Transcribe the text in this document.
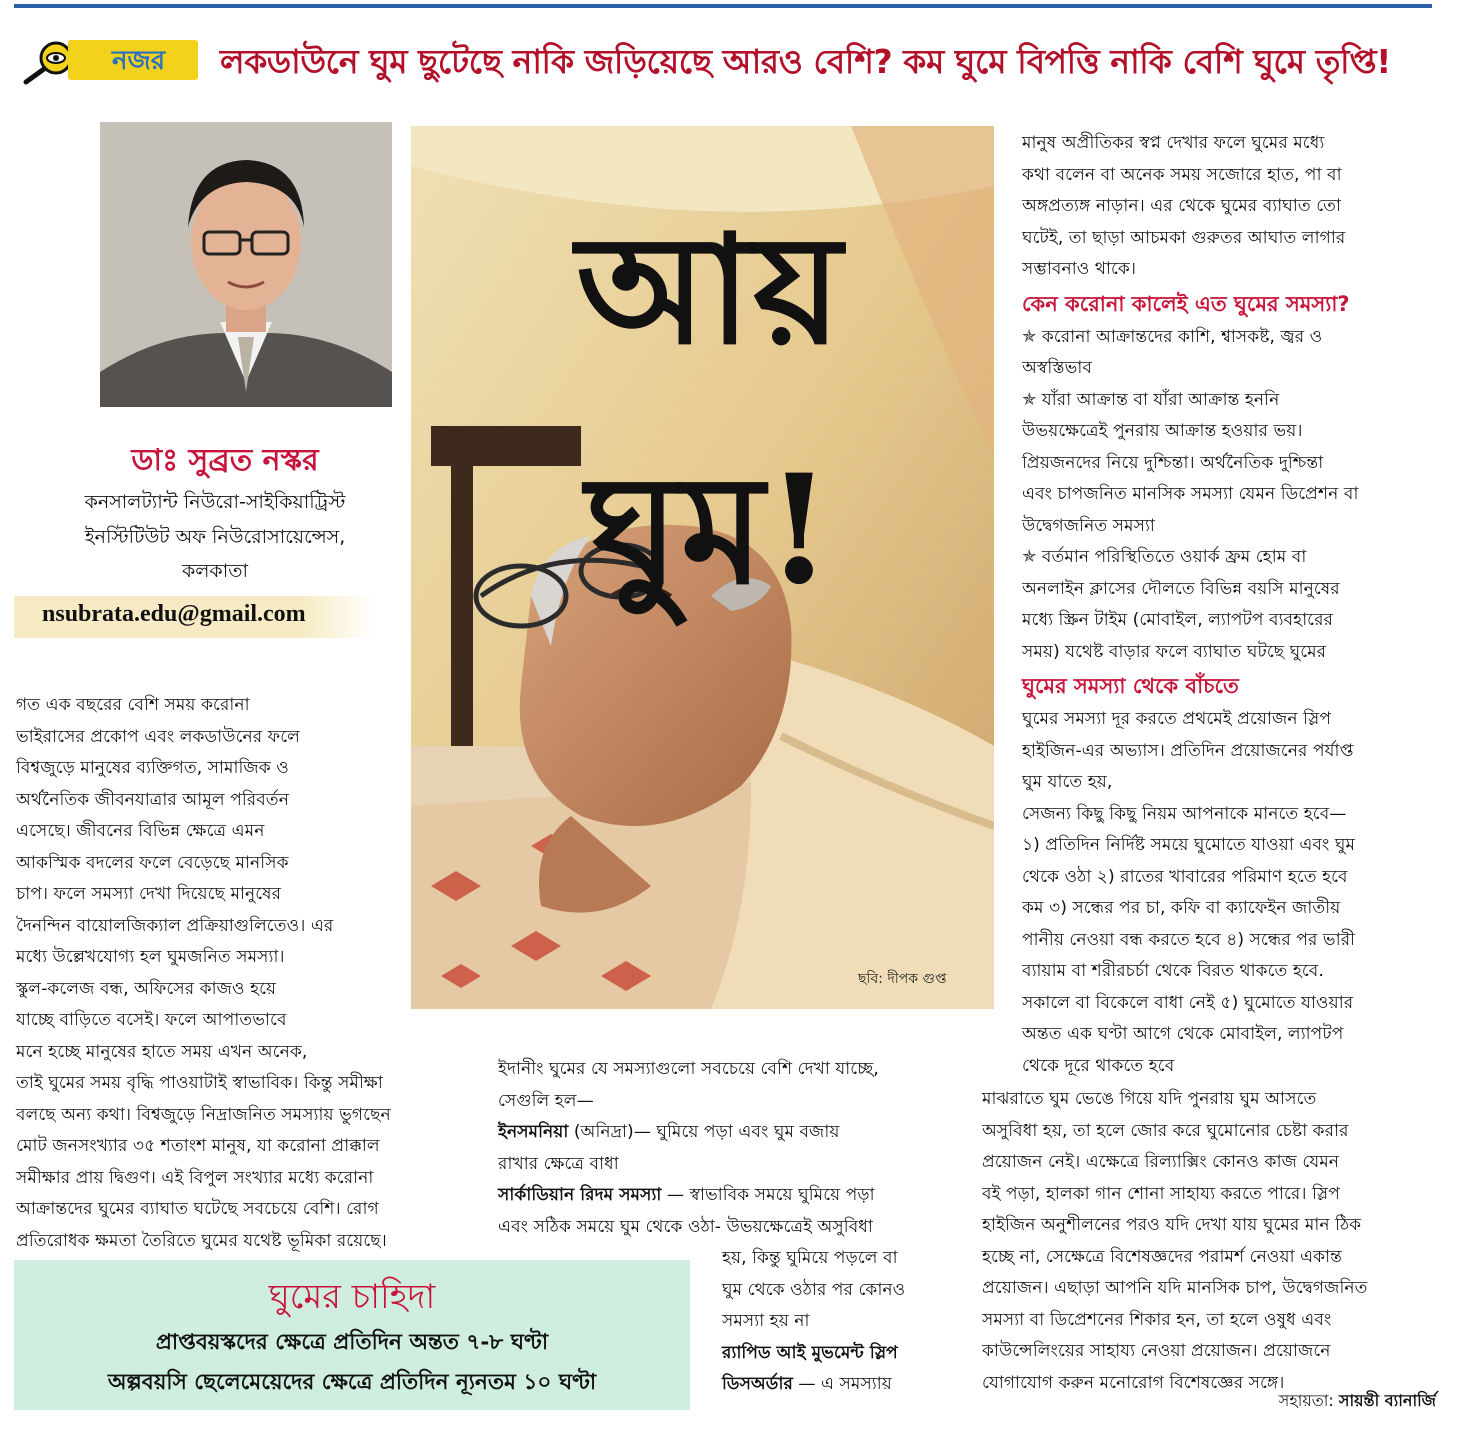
নজর লকডাউনে ঘুম ছুটেছে নাকি জড়িয়েছে আরও বেশি? কম ঘুমে বিপত্তি নাকি বেশি ঘুমে তৃপ্তি!
ডাঃ সুব্রত নস্কর
কনসালট্যান্ট নিউরো-সাইকিয়াট্রিস্ট
ইনস্টিটিউট অফ নিউরোসায়েন্সেস,
কলকাতা
nsubrata.edu@gmail.com

গত এক বছরের বেশি সময় করোনা

ভাইরাসের প্রকোপ এবং লকডাউনের ফলে

বিশ্বজুড়ে মানুষের ব্যক্তিগত, সামাজিক ও

অর্থনৈতিক জীবনযাত্রার আমূল পরিবর্তন

এসেছে। জীবনের বিভিন্ন ক্ষেত্রে এমন

আকস্মিক বদলের ফলে বেড়েছে মানসিক

চাপ। ফলে সমস্যা দেখা দিয়েছে মানুষের

দৈনন্দিন বায়োলজিক্যাল প্রক্রিয়াগুলিতেও। এর

মধ্যে উল্লেখযোগ্য হল ঘুমজনিত সমস্যা।

স্কুল-কলেজ বন্ধ, অফিসের কাজও হয়ে

যাচ্ছে বাড়িতে বসেই। ফলে আপাতভাবে

মনে হচ্ছে মানুষের হাতে সময় এখন অনেক,

তাই ঘুমের সময় বৃদ্ধি পাওয়াটাই স্বাভাবিক। কিন্তু সমীক্ষা

বলছে অন্য কথা। বিশ্বজুড়ে নিদ্রাজনিত সমস্যায় ভুগছেন

মোট জনসংখ্যার ৩৫ শতাংশ মানুষ, যা করোনা প্রাক্কাল

সমীক্ষার প্রায় দ্বিগুণ। এই বিপুল সংখ্যার মধ্যে করোনা

আক্রান্তদের ঘুমের ব্যাঘাত ঘটেছে সবচেয়ে বেশি। রোগ

প্রতিরোধক ক্ষমতা তৈরিতে ঘুমের যথেষ্ট ভূমিকা রয়েছে।

আয় ঘুম!
ছবি: দীপক গুপ্ত

ইদানীং ঘুমের যে সমস্যাগুলো সবচেয়ে বেশি দেখা যাচ্ছে,

সেগুলি হল—

ইনসমনিয়া (অনিদ্রা)— ঘুমিয়ে পড়া এবং ঘুম বজায়

রাখার ক্ষেত্রে বাধা

সার্কাডিয়ান রিদম সমস্যা — স্বাভাবিক সময়ে ঘুমিয়ে পড়া

এবং সঠিক সময়ে ঘুম থেকে ওঠা- উভয়ক্ষেত্রেই অসুবিধা

হয়, কিন্তু ঘুমিয়ে পড়লে বা

ঘুম থেকে ওঠার পর কোনও

সমস্যা হয় না

র‍্যাপিড আই মুভমেন্ট স্লিপ

ডিসঅর্ডার — এ সমস্যায়

মানুষ অপ্রীতিকর স্বপ্ন দেখার ফলে ঘুমের মধ্যে

কথা বলেন বা অনেক সময় সজোরে হাত, পা বা

অঙ্গপ্রত্যঙ্গ নাড়ান। এর থেকে ঘুমের ব্যাঘাত তো

ঘটেই, তা ছাড়া আচমকা গুরুতর আঘাত লাগার

সম্ভাবনাও থাকে।

কেন করোনা কালেই এত ঘুমের সমস্যা?

✯ করোনা আক্রান্তদের কাশি, শ্বাসকষ্ট, জ্বর ও

অস্বস্তিভাব

✯ যাঁরা আক্রান্ত বা যাঁরা আক্রান্ত হননি

উভয়ক্ষেত্রেই পুনরায় আক্রান্ত হওয়ার ভয়।

প্রিয়জনদের নিয়ে দুশ্চিন্তা। অর্থনৈতিক দুশ্চিন্তা

এবং চাপজনিত মানসিক সমস্যা যেমন ডিপ্রেশন বা

উদ্বেগজনিত সমস্যা

✯ বর্তমান পরিস্থিতিতে ওয়ার্ক ফ্রম হোম বা

অনলাইন ক্লাসের দৌলতে বিভিন্ন বয়সি মানুষের

মধ্যে স্ক্রিন টাইম (মোবাইল, ল্যাপটপ ব্যবহারের

সময়) যথেষ্ট বাড়ার ফলে ব্যাঘাত ঘটছে ঘুমের

ঘুমের সমস্যা থেকে বাঁচতে

ঘুমের সমস্যা দূর করতে প্রথমেই প্রয়োজন স্লিপ

হাইজিন-এর অভ্যাস। প্রতিদিন প্রয়োজনের পর্যাপ্ত

ঘুম যাতে হয়,

সেজন্য কিছু কিছু নিয়ম আপনাকে মানতে হবে—

১) প্রতিদিন নির্দিষ্ট সময়ে ঘুমোতে যাওয়া এবং ঘুম

থেকে ওঠা ২) রাতের খাবারের পরিমাণ হতে হবে

কম ৩) সন্ধের পর চা, কফি বা ক্যাফেইন জাতীয়

পানীয় নেওয়া বন্ধ করতে হবে ৪) সন্ধের পর ভারী

ব্যায়াম বা শরীরচর্চা থেকে বিরত থাকতে হবে.

সকালে বা বিকেলে বাধা নেই ৫) ঘুমোতে যাওয়ার

অন্তত এক ঘণ্টা আগে থেকে মোবাইল, ল্যাপটপ

থেকে দূরে থাকতে হবে

মাঝরাতে ঘুম ভেঙে গিয়ে যদি পুনরায় ঘুম আসতে

অসুবিধা হয়, তা হলে জোর করে ঘুমোনোর চেষ্টা করার

প্রয়োজন নেই। এক্ষেত্রে রিল্যাক্সিং কোনও কাজ যেমন

বই পড়া, হালকা গান শোনা সাহায্য করতে পারে। স্লিপ

হাইজিন অনুশীলনের পরও যদি দেখা যায় ঘুমের মান ঠিক

হচ্ছে না, সেক্ষেত্রে বিশেষজ্ঞদের পরামর্শ নেওয়া একান্ত

প্রয়োজন। এছাড়া আপনি যদি মানসিক চাপ, উদ্বেগজনিত

সমস্যা বা ডিপ্রেশনের শিকার হন, তা হলে ওষুধ এবং

কাউন্সেলিংয়ের সাহায্য নেওয়া প্রয়োজন। প্রয়োজনে

যোগাযোগ করুন মনোরোগ বিশেষজ্ঞের সঙ্গে।

সহায়তা: সায়ন্তী ব্যানার্জি
ঘুমের চাহিদা
প্রাপ্তবয়স্কদের ক্ষেত্রে প্রতিদিন অন্তত ৭-৮ ঘণ্টা
অল্পবয়সি ছেলেমেয়েদের ক্ষেত্রে প্রতিদিন ন্যূনতম ১০ ঘণ্টা
